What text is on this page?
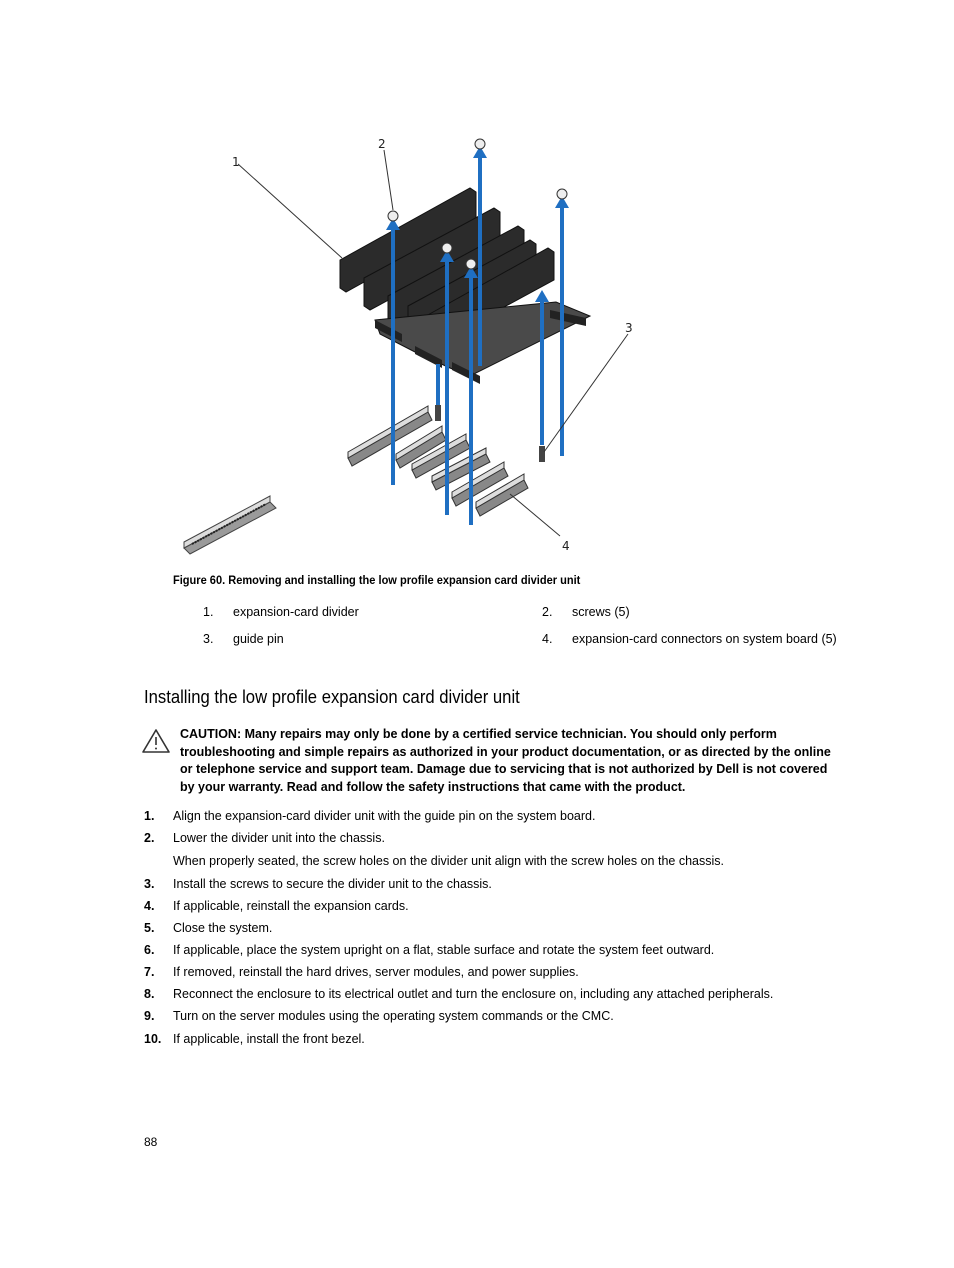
1
2
3
4
Figure 60. Removing and installing the low profile expansion card divider unit
1.	expansion-card divider	2.	screws (5)
3.	guide pin	4.	expansion-card connectors on system board (5)
Installing the low profile expansion card divider unit
CAUTION: Many repairs may only be done by a certified service technician. You should only perform troubleshooting and simple repairs as authorized in your product documentation, or as directed by the online or telephone service and support team. Damage due to servicing that is not authorized by Dell is not covered by your warranty. Read and follow the safety instructions that came with the product.
1. Align the expansion-card divider unit with the guide pin on the system board.
2. Lower the divider unit into the chassis.
When properly seated, the screw holes on the divider unit align with the screw holes on the chassis.
3. Install the screws to secure the divider unit to the chassis.
4. If applicable, reinstall the expansion cards.
5. Close the system.
6. If applicable, place the system upright on a flat, stable surface and rotate the system feet outward.
7. If removed, reinstall the hard drives, server modules, and power supplies.
8. Reconnect the enclosure to its electrical outlet and turn the enclosure on, including any attached peripherals.
9. Turn on the server modules using the operating system commands or the CMC.
10. If applicable, install the front bezel.
88
